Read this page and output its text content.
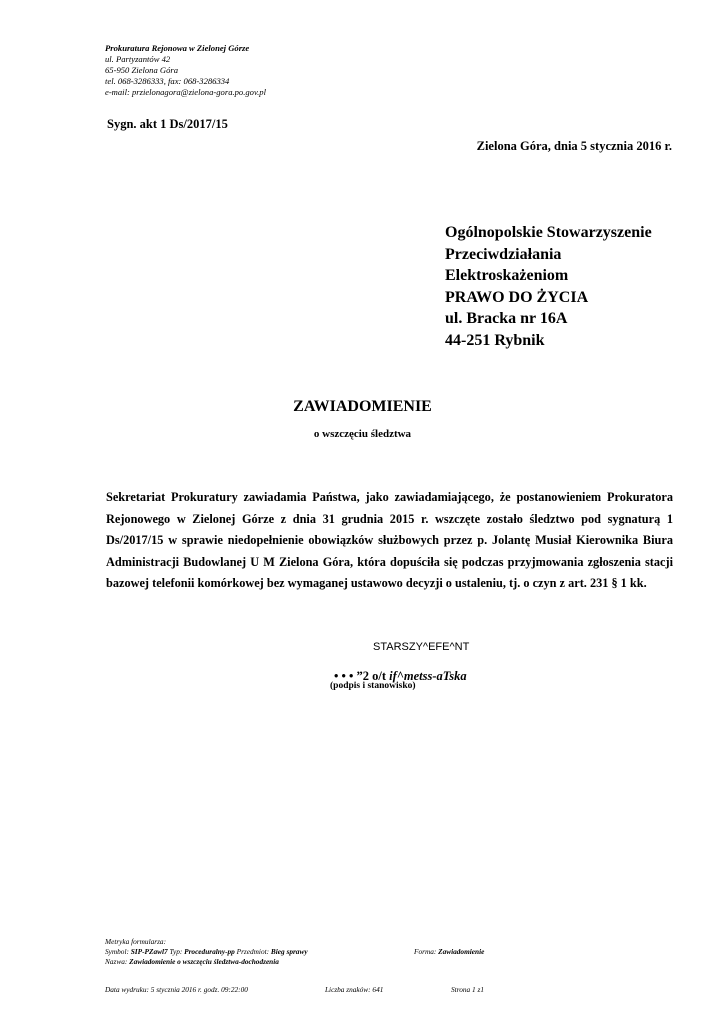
Prokuratura Rejonowa w Zielonej Górze
ul. Partyzantów 42
65-950 Zielona Góra
tel. 068-3286333, fax: 068-3286334
e-mail: przielonagora@zielona-gora.po.gov.pl
Sygn. akt 1 Ds/2017/15
Zielona Góra, dnia 5 stycznia 2016 r.
Ogólnopolskie Stowarzyszenie
Przeciwdziałania
Elektroskażeniom
PRAWO DO ŻYCIA
ul. Bracka nr 16A
44-251 Rybnik
ZAWIADOMIENIE
o wszczęciu śledztwa
Sekretariat Prokuratury zawiadamia Państwa, jako zawiadamiającego, że postanowieniem Prokuratora Rejonowego w Zielonej Górze z dnia 31 grudnia 2015 r. wszczęte zostało śledztwo pod sygnaturą 1 Ds/2017/15 w sprawie niedopełnienie obowiązków służbowych przez p. Jolantę Musiał Kierownika Biura Administracji Budowlanej U M Zielona Góra, która dopuściła się podczas przyjmowania zgłoszenia stacji bazowej telefonii komórkowej bez wymaganej ustawowo decyzji o ustaleniu, tj. o czyn z art. 231 § 1 kk.
STARSZY^EFE^NT
• • • ”2 o/t if^metss-aTska
(podpis i stanowisko)
Metryka formularza:
Symbol: SIP-PZawl7 Typ: Proceduralny-pp Przedmiot: Bieg sprawy
Nazwa: Zawiadomienie o wszczęciu śledztwa-dochodzenia
Forma: Zawiadomienie
Data wydruku: 5 stycznia 2016 r. godz. 09:22:00	Liczba znaków: 641	Strona 1 z1
